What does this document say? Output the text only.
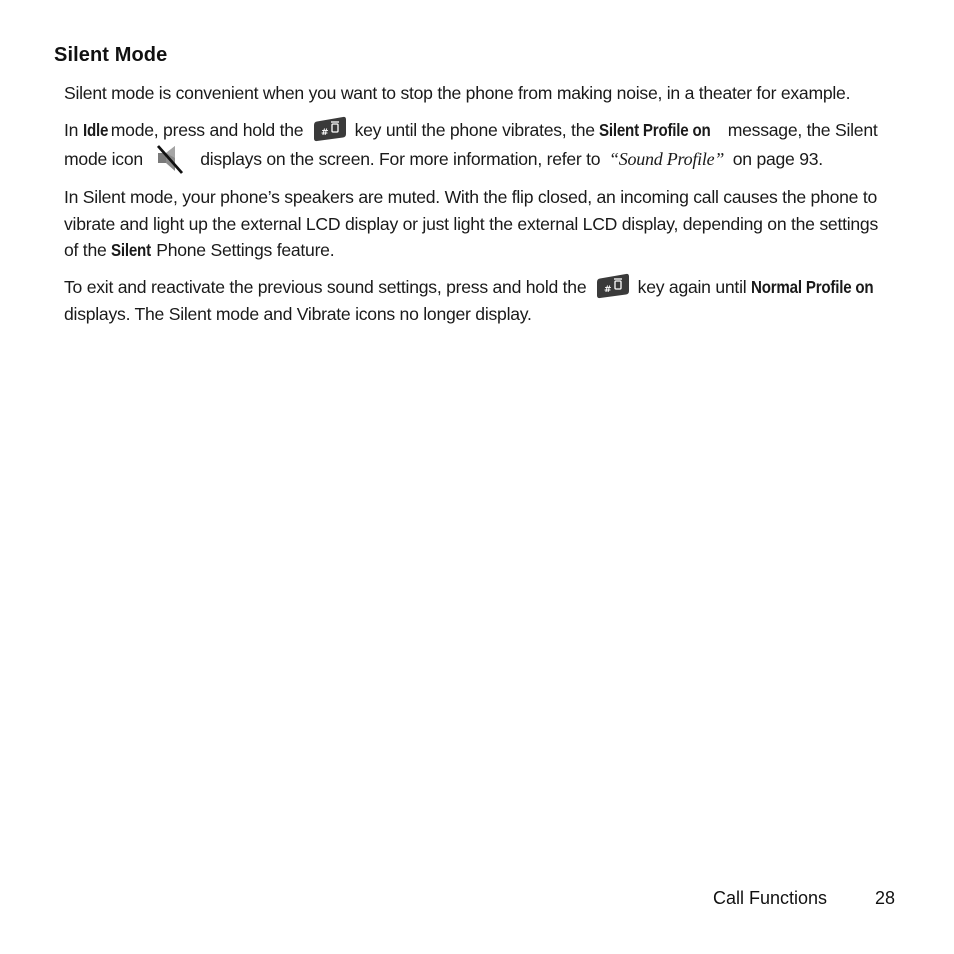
Silent Mode

Silent mode is convenient when you want to stop the phone from making noise, in a theater for example.

In Idle mode, press and hold the # key until the phone vibrates, the Silent Profile on message, the Silent mode icon	displays on the screen. For more information, refer to “Sound Profile” on page 93.

In Silent mode, your phone’s speakers are muted. With the flip closed, an incoming call causes the phone to vibrate and light up the external LCD display or just light the external LCD display, depending on the settings of the Silent Phone Settings feature.

To exit and reactivate the previous sound settings, press and hold the # key again until Normal Profile on displays. The Silent mode and Vibrate icons no longer display.

Call Functions	28
